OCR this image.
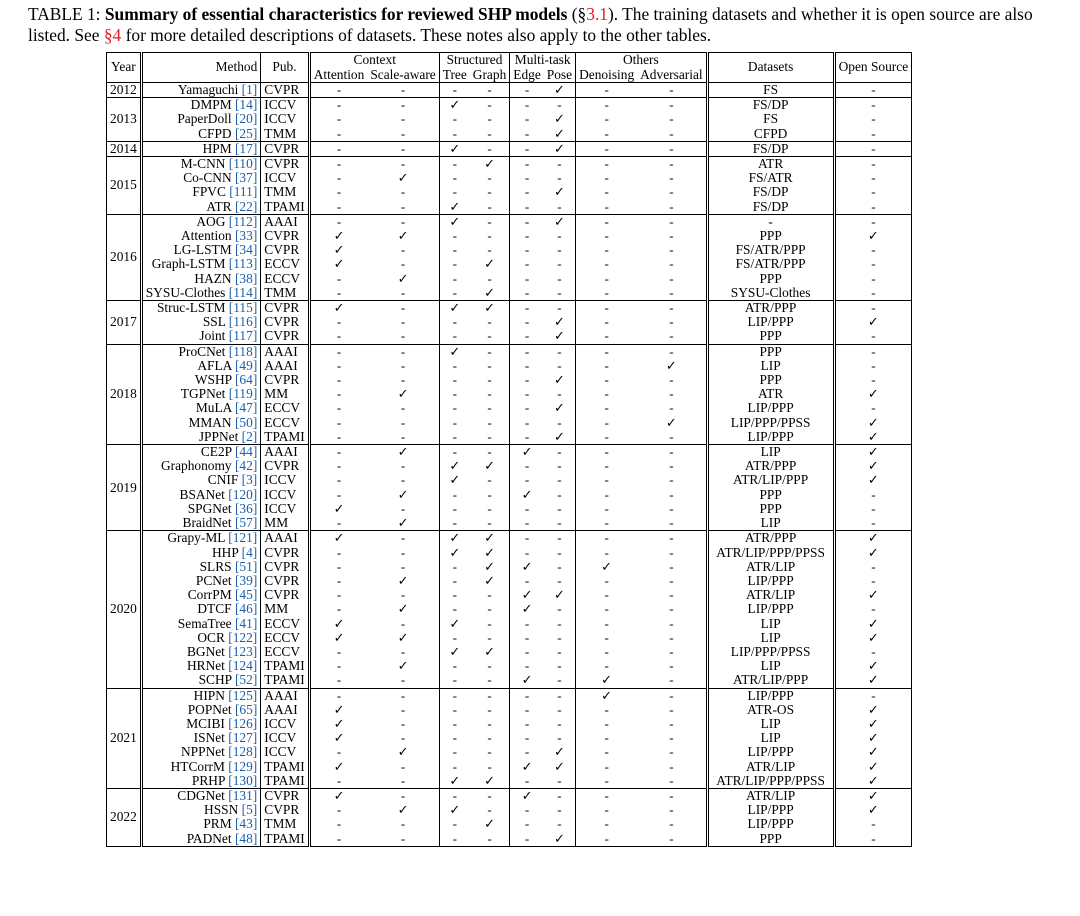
TABLE 1: Summary of essential characteristics for reviewed SHP models (§3.1). The training datasets and whether it is open source are also listed. See §4 for more detailed descriptions of datasets. These notes also apply to the other tables.
Year	Method	Pub.	Context		Structured		Multi-task		Others		Datasets	Open Source
			Attention	Scale-aware	Tree	Graph	Edge	Pose	Denoising	Adversarial		
2012	Yamaguchi [1]	CVPR	-	-	-	-	-	✓	-	-	FS	-
2013	DMPM [14]	ICCV	-	-	✓	-	-	-	-	-	FS/DP	-
	PaperDoll [20]	ICCV	-	-	-	-	-	✓	-	-	FS	-
	CFPD [25]	TMM	-	-	-	-	-	✓	-	-	CFPD	-
2014	HPM [17]	CVPR	-	-	✓	-	-	✓	-	-	FS/DP	-
2015	M-CNN [110]	CVPR	-	-	-	✓	-	-	-	-	ATR	-
	Co-CNN [37]	ICCV	-	✓	-	-	-	-	-	-	FS/ATR	-
	FPVC [111]	TMM	-	-	-	-	-	✓	-	-	FS/DP	-
	ATR [22]	TPAMI	-	-	✓	-	-	-	-	-	FS/DP	-
2016	AOG [112]	AAAI	-	-	✓	-	-	✓	-	-	-	-
	Attention [33]	CVPR	✓	✓	-	-	-	-	-	-	PPP	✓
	LG-LSTM [34]	CVPR	✓	-	-	-	-	-	-	-	FS/ATR/PPP	-
	Graph-LSTM [113]	ECCV	✓	-	-	✓	-	-	-	-	FS/ATR/PPP	-
	HAZN [38]	ECCV	-	✓	-	-	-	-	-	-	PPP	-
	SYSU-Clothes [114]	TMM	-	-	-	✓	-	-	-	-	SYSU-Clothes	-
2017	Struc-LSTM [115]	CVPR	✓	-	✓	✓	-	-	-	-	ATR/PPP	-
	SSL [116]	CVPR	-	-	-	-	-	✓	-	-	LIP/PPP	✓
	Joint [117]	CVPR	-	-	-	-	-	✓	-	-	PPP	-
2018	ProCNet [118]	AAAI	-	-	✓	-	-	-	-	-	PPP	-
	AFLA [49]	AAAI	-	-	-	-	-	-	-	✓	LIP	-
	WSHP [64]	CVPR	-	-	-	-	-	✓	-	-	PPP	-
	TGPNet [119]	MM	-	✓	-	-	-	-	-	-	ATR	✓
	MuLA [47]	ECCV	-	-	-	-	-	✓	-	-	LIP/PPP	-
	MMAN [50]	ECCV	-	-	-	-	-	-	-	✓	LIP/PPP/PPSS	✓
	JPPNet [2]	TPAMI	-	-	-	-	-	✓	-	-	LIP/PPP	✓
2019	CE2P [44]	AAAI	-	✓	-	-	✓	-	-	-	LIP	✓
	Graphonomy [42]	CVPR	-	-	✓	✓	-	-	-	-	ATR/PPP	✓
	CNIF [3]	ICCV	-	-	✓	-	-	-	-	-	ATR/LIP/PPP	✓
	BSANet [120]	ICCV	-	✓	-	-	✓	-	-	-	PPP	-
	SPGNet [36]	ICCV	✓	-	-	-	-	-	-	-	PPP	-
	BraidNet [57]	MM	-	✓	-	-	-	-	-	-	LIP	-
2020	Grapy-ML [121]	AAAI	✓	-	✓	✓	-	-	-	-	ATR/PPP	✓
	HHP [4]	CVPR	-	-	✓	✓	-	-	-	-	ATR/LIP/PPP/PPSS	✓
	SLRS [51]	CVPR	-	-	-	✓	✓	-	✓	-	ATR/LIP	-
	PCNet [39]	CVPR	-	✓	-	✓	-	-	-	-	LIP/PPP	-
	CorrPM [45]	CVPR	-	-	-	-	✓	✓	-	-	ATR/LIP	✓
	DTCF [46]	MM	-	✓	-	-	✓	-	-	-	LIP/PPP	-
	SemaTree [41]	ECCV	✓	-	✓	-	-	-	-	-	LIP	✓
	OCR [122]	ECCV	✓	✓	-	-	-	-	-	-	LIP	✓
	BGNet [123]	ECCV	-	-	✓	✓	-	-	-	-	LIP/PPP/PPSS	-
	HRNet [124]	TPAMI	-	✓	-	-	-	-	-	-	LIP	✓
	SCHP [52]	TPAMI	-	-	-	-	✓	-	✓	-	ATR/LIP/PPP	✓
2021	HIPN [125]	AAAI	-	-	-	-	-	-	✓	-	LIP/PPP	-
	POPNet [65]	AAAI	✓	-	-	-	-	-	-	-	ATR-OS	✓
	MCIBI [126]	ICCV	✓	-	-	-	-	-	-	-	LIP	✓
	ISNet [127]	ICCV	✓	-	-	-	-	-	-	-	LIP	✓
	NPPNet [128]	ICCV	-	✓	-	-	-	✓	-	-	LIP/PPP	✓
	HTCorrM [129]	TPAMI	✓	-	-	-	✓	✓	-	-	ATR/LIP	✓
	PRHP [130]	TPAMI	-	-	✓	✓	-	-	-	-	ATR/LIP/PPP/PPSS	✓
2022	CDGNet [131]	CVPR	✓	-	-	-	✓	-	-	-	ATR/LIP	✓
	HSSN [5]	CVPR	-	✓	✓	-	-	-	-	-	LIP/PPP	✓
	PRM [43]	TMM	-	-	-	✓	-	-	-	-	LIP/PPP	-
	PADNet [48]	TPAMI	-	-	-	-	-	✓	-	-	PPP	-
